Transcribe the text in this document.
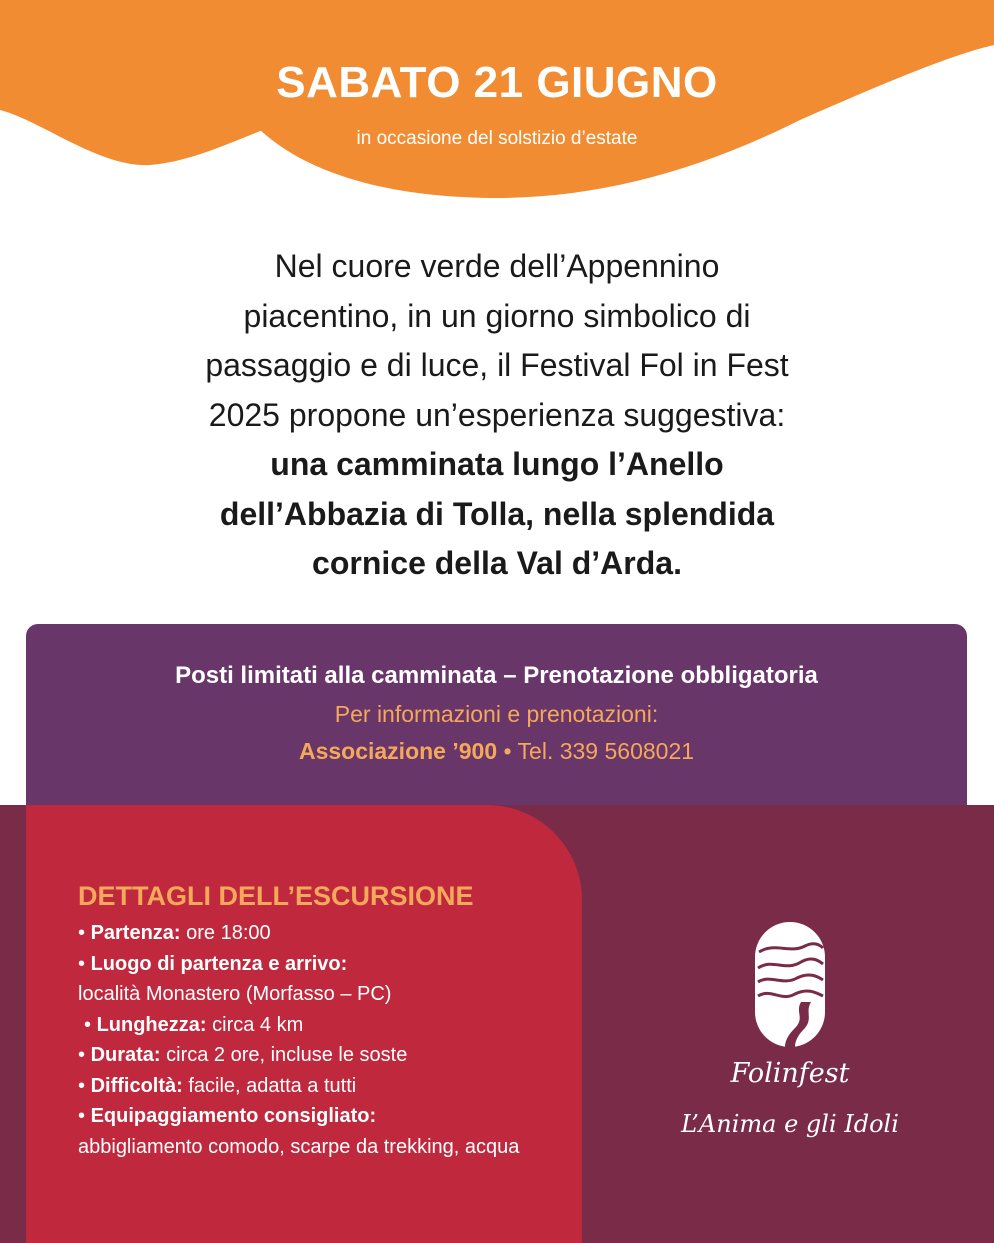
SABATO 21 GIUGNO
in occasione del solstizio d’estate
Nel cuore verde dell’Appennino
piacentino, in un giorno simbolico di
passaggio e di luce, il Festival Fol in Fest
2025 propone un’esperienza suggestiva:
una camminata lungo l’Anello
dell’Abbazia di Tolla, nella splendida
cornice della Val d’Arda.
Posti limitati alla camminata – Prenotazione obbligatoria
Per informazioni e prenotazioni:
Associazione ’900 • Tel. 339 5608021
DETTAGLI DELL’ESCURSIONE
• Partenza: ore 18:00
• Luogo di partenza e arrivo:
località Monastero (Morfasso – PC)
• Lunghezza: circa 4 km
• Durata: circa 2 ore, incluse le soste
• Difficoltà: facile, adatta a tutti
• Equipaggiamento consigliato:
abbigliamento comodo, scarpe da trekking, acqua
Folinfest
L’Anima e gli Idoli
